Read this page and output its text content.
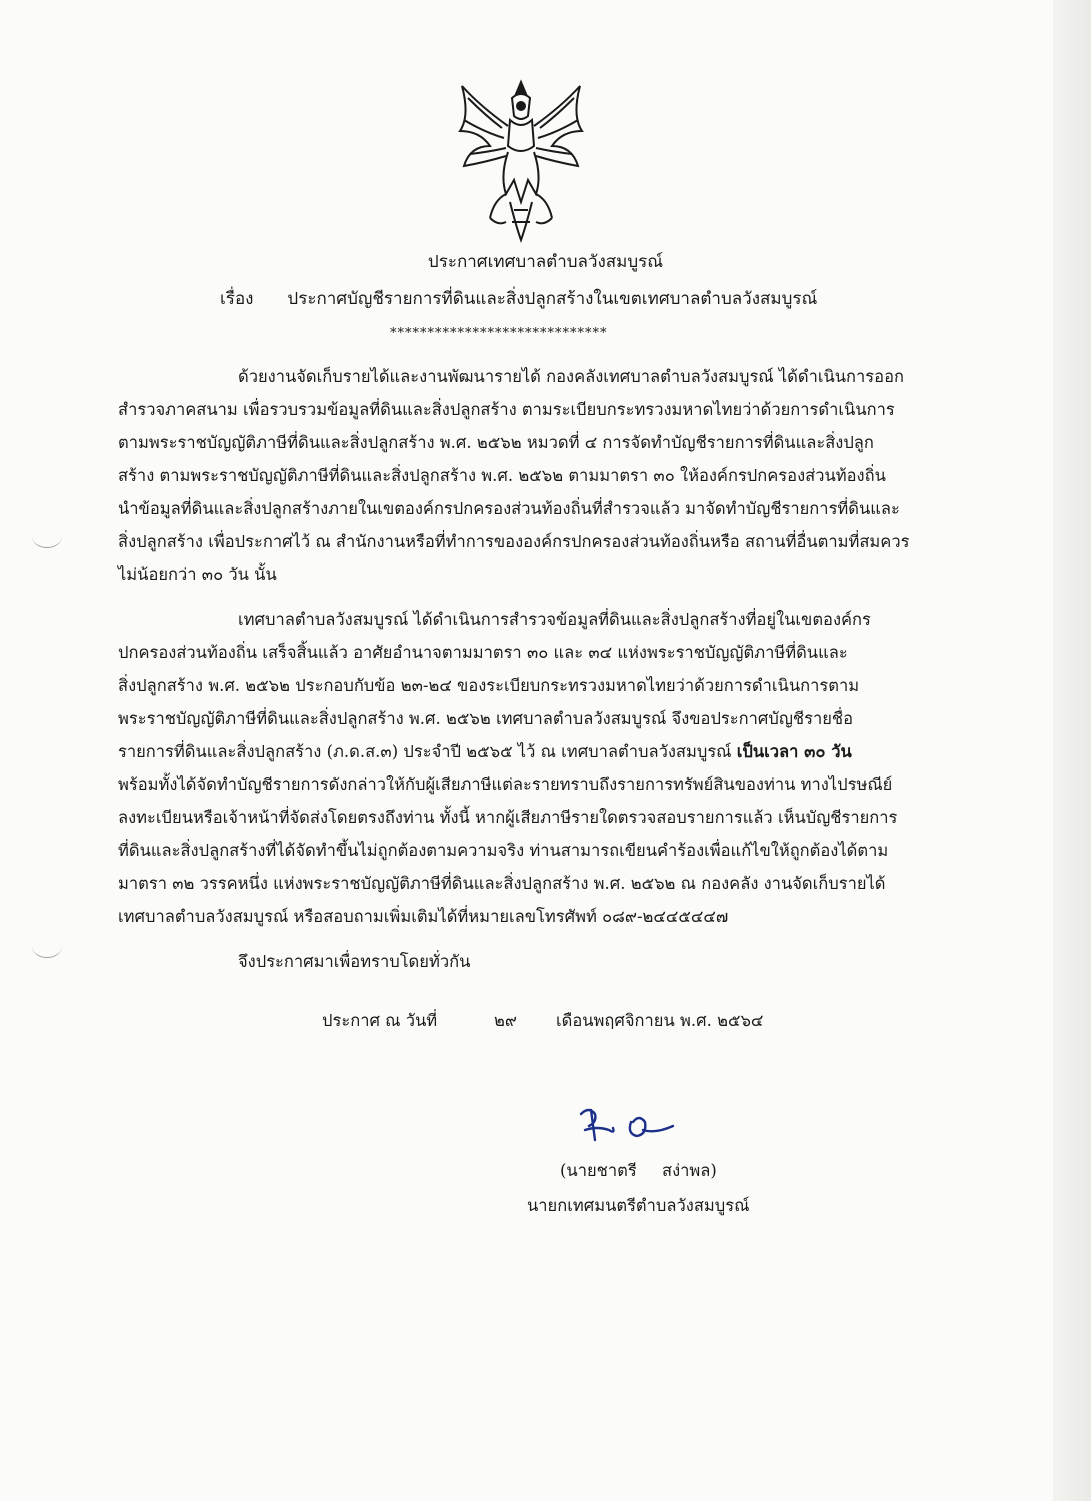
ประกาศเทศบาลตำบลวังสมบูรณ์
เรื่อง ประกาศบัญชีรายการที่ดินและสิ่งปลูกสร้างในเขตเทศบาลตำบลวังสมบูรณ์
*****************************
ด้วยงานจัดเก็บรายได้และงานพัฒนารายได้ กองคลังเทศบาลตำบลวังสมบูรณ์ ได้ดำเนินการออก
สำรวจภาคสนาม เพื่อรวบรวมข้อมูลที่ดินและสิ่งปลูกสร้าง ตามระเบียบกระทรวงมหาดไทยว่าด้วยการดำเนินการ
ตามพระราชบัญญัติภาษีที่ดินและสิ่งปลูกสร้าง พ.ศ. ๒๕๖๒ หมวดที่ ๔ การจัดทำบัญชีรายการที่ดินและสิ่งปลูก
สร้าง ตามพระราชบัญญัติภาษีที่ดินและสิ่งปลูกสร้าง พ.ศ. ๒๕๖๒ ตามมาตรา ๓๐ ให้องค์กรปกครองส่วนท้องถิ่น
นำข้อมูลที่ดินและสิ่งปลูกสร้างภายในเขตองค์กรปกครองส่วนท้องถิ่นที่สำรวจแล้ว มาจัดทำบัญชีรายการที่ดินและ
สิ่งปลูกสร้าง เพื่อประกาศไว้ ณ สำนักงานหรือที่ทำการขององค์กรปกครองส่วนท้องถิ่นหรือ สถานที่อื่นตามที่สมควร
ไม่น้อยกว่า ๓๐ วัน นั้น
เทศบาลตำบลวังสมบูรณ์ ได้ดำเนินการสำรวจข้อมูลที่ดินและสิ่งปลูกสร้างที่อยู่ในเขตองค์กร
ปกครองส่วนท้องถิ่น เสร็จสิ้นแล้ว อาศัยอำนาจตามมาตรา ๓๐ และ ๓๔ แห่งพระราชบัญญัติภาษีที่ดินและ
สิ่งปลูกสร้าง พ.ศ. ๒๕๖๒ ประกอบกับข้อ ๒๓-๒๔ ของระเบียบกระทรวงมหาดไทยว่าด้วยการดำเนินการตาม
พระราชบัญญัติภาษีที่ดินและสิ่งปลูกสร้าง พ.ศ. ๒๕๖๒ เทศบาลตำบลวังสมบูรณ์ จึงขอประกาศบัญชีรายชื่อ
รายการที่ดินและสิ่งปลูกสร้าง (ภ.ด.ส.๓) ประจำปี ๒๕๖๕ ไว้ ณ เทศบาลตำบลวังสมบูรณ์ เป็นเวลา ๓๐ วัน
พร้อมทั้งได้จัดทำบัญชีรายการดังกล่าวให้กับผู้เสียภาษีแต่ละรายทราบถึงรายการทรัพย์สินของท่าน ทางไปรษณีย์
ลงทะเบียนหรือเจ้าหน้าที่จัดส่งโดยตรงถึงท่าน ทั้งนี้ หากผู้เสียภาษีรายใดตรวจสอบรายการแล้ว เห็นบัญชีรายการ
ที่ดินและสิ่งปลูกสร้างที่ได้จัดทำขึ้นไม่ถูกต้องตามความจริง ท่านสามารถเขียนคำร้องเพื่อแก้ไขให้ถูกต้องได้ตาม
มาตรา ๓๒ วรรคหนึ่ง แห่งพระราชบัญญัติภาษีที่ดินและสิ่งปลูกสร้าง พ.ศ. ๒๕๖๒ ณ กองคลัง งานจัดเก็บรายได้
เทศบาลตำบลวังสมบูรณ์ หรือสอบถามเพิ่มเติมได้ที่หมายเลขโทรศัพท์ ๐๘๙-๒๔๔๕๔๔๗
จึงประกาศมาเพื่อทราบโดยทั่วกัน
ประกาศ ณ วันที่	๒๙ เดือนพฤศจิกายน พ.ศ. ๒๕๖๔
(นายชาตรี สง่าพล)
นายกเทศมนตรีตำบลวังสมบูรณ์
